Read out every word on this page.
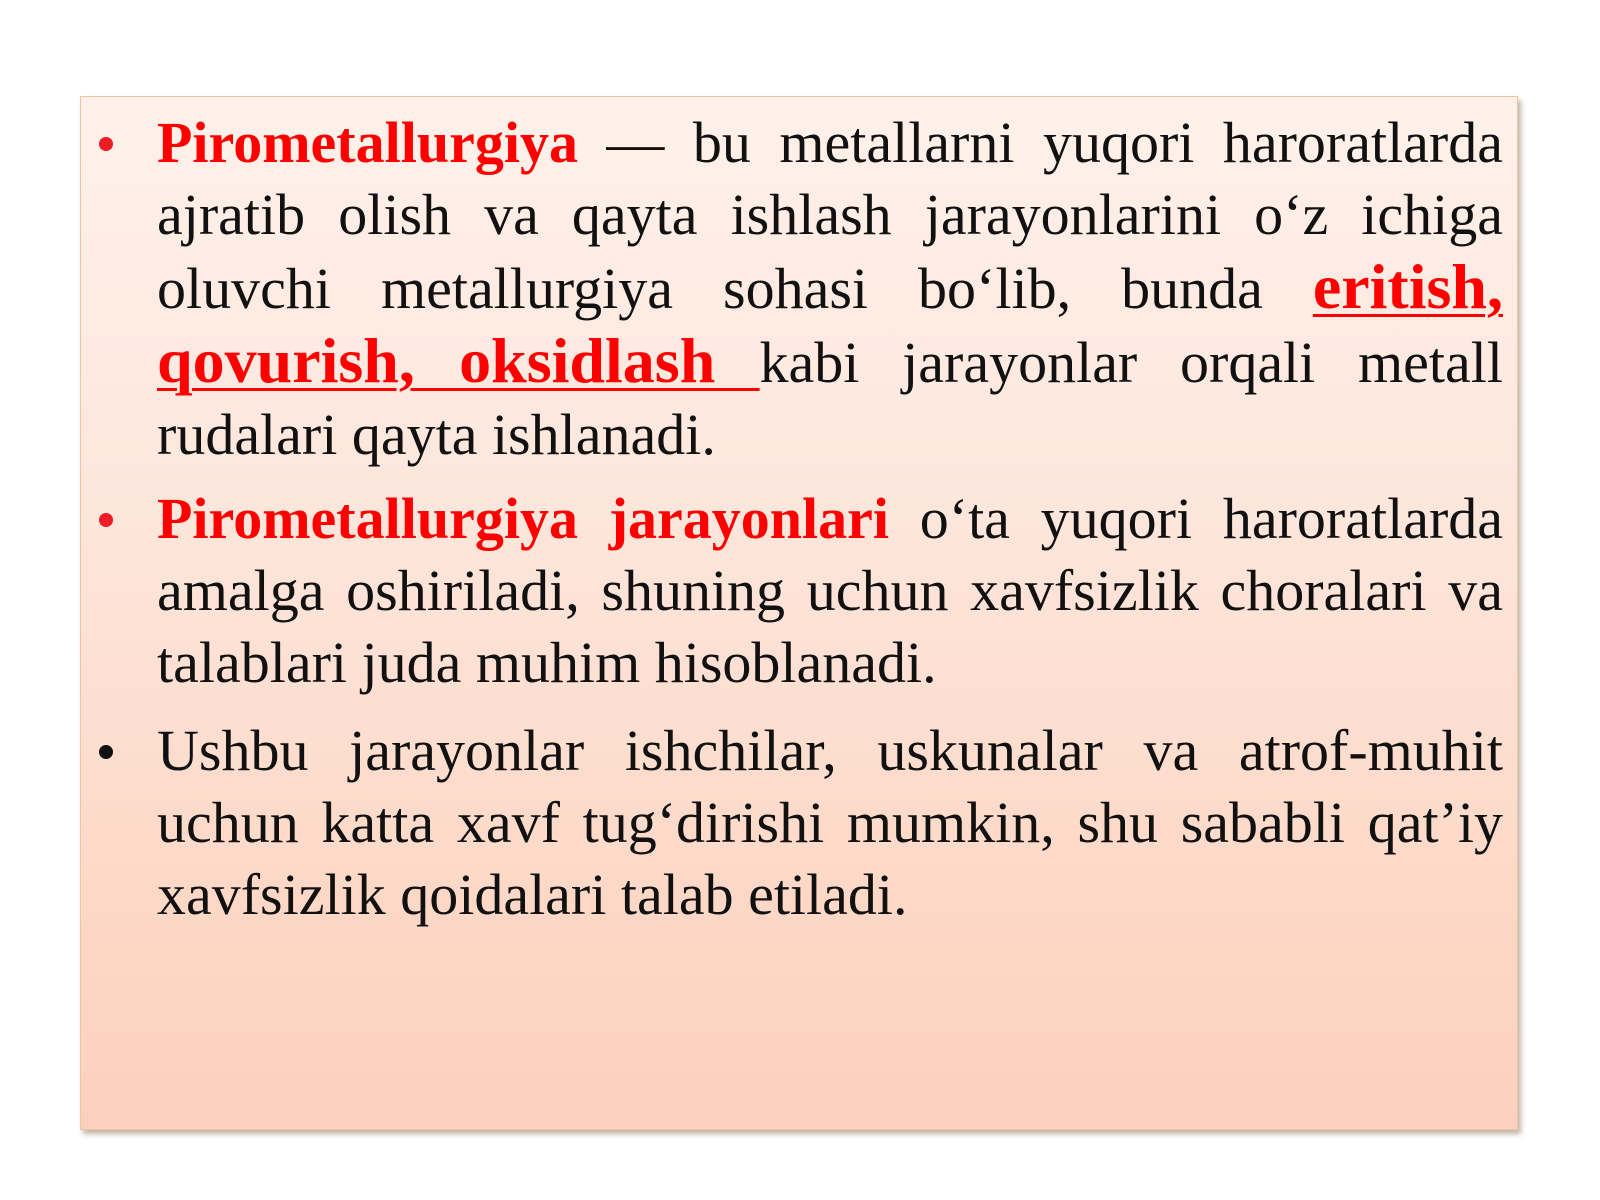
Pirometallurgiya — bu metallarni yuqori haroratlarda ajratib olish va qayta ishlash jarayonlarini o‘z ichiga oluvchi metallurgiya sohasi bo‘lib, bunda eritish, qovurish, oksidlash kabi jarayonlar orqali metall rudalari qayta ishlanadi.
Pirometallurgiya jarayonlari o‘ta yuqori haroratlarda amalga oshiriladi, shuning uchun xavfsizlik choralari va talablari juda muhim hisoblanadi.
Ushbu jarayonlar ishchilar, uskunalar va atrof-muhit uchun katta xavf tug‘dirishi mumkin, shu sababli qat’iy xavfsizlik qoidalari talab etiladi.
